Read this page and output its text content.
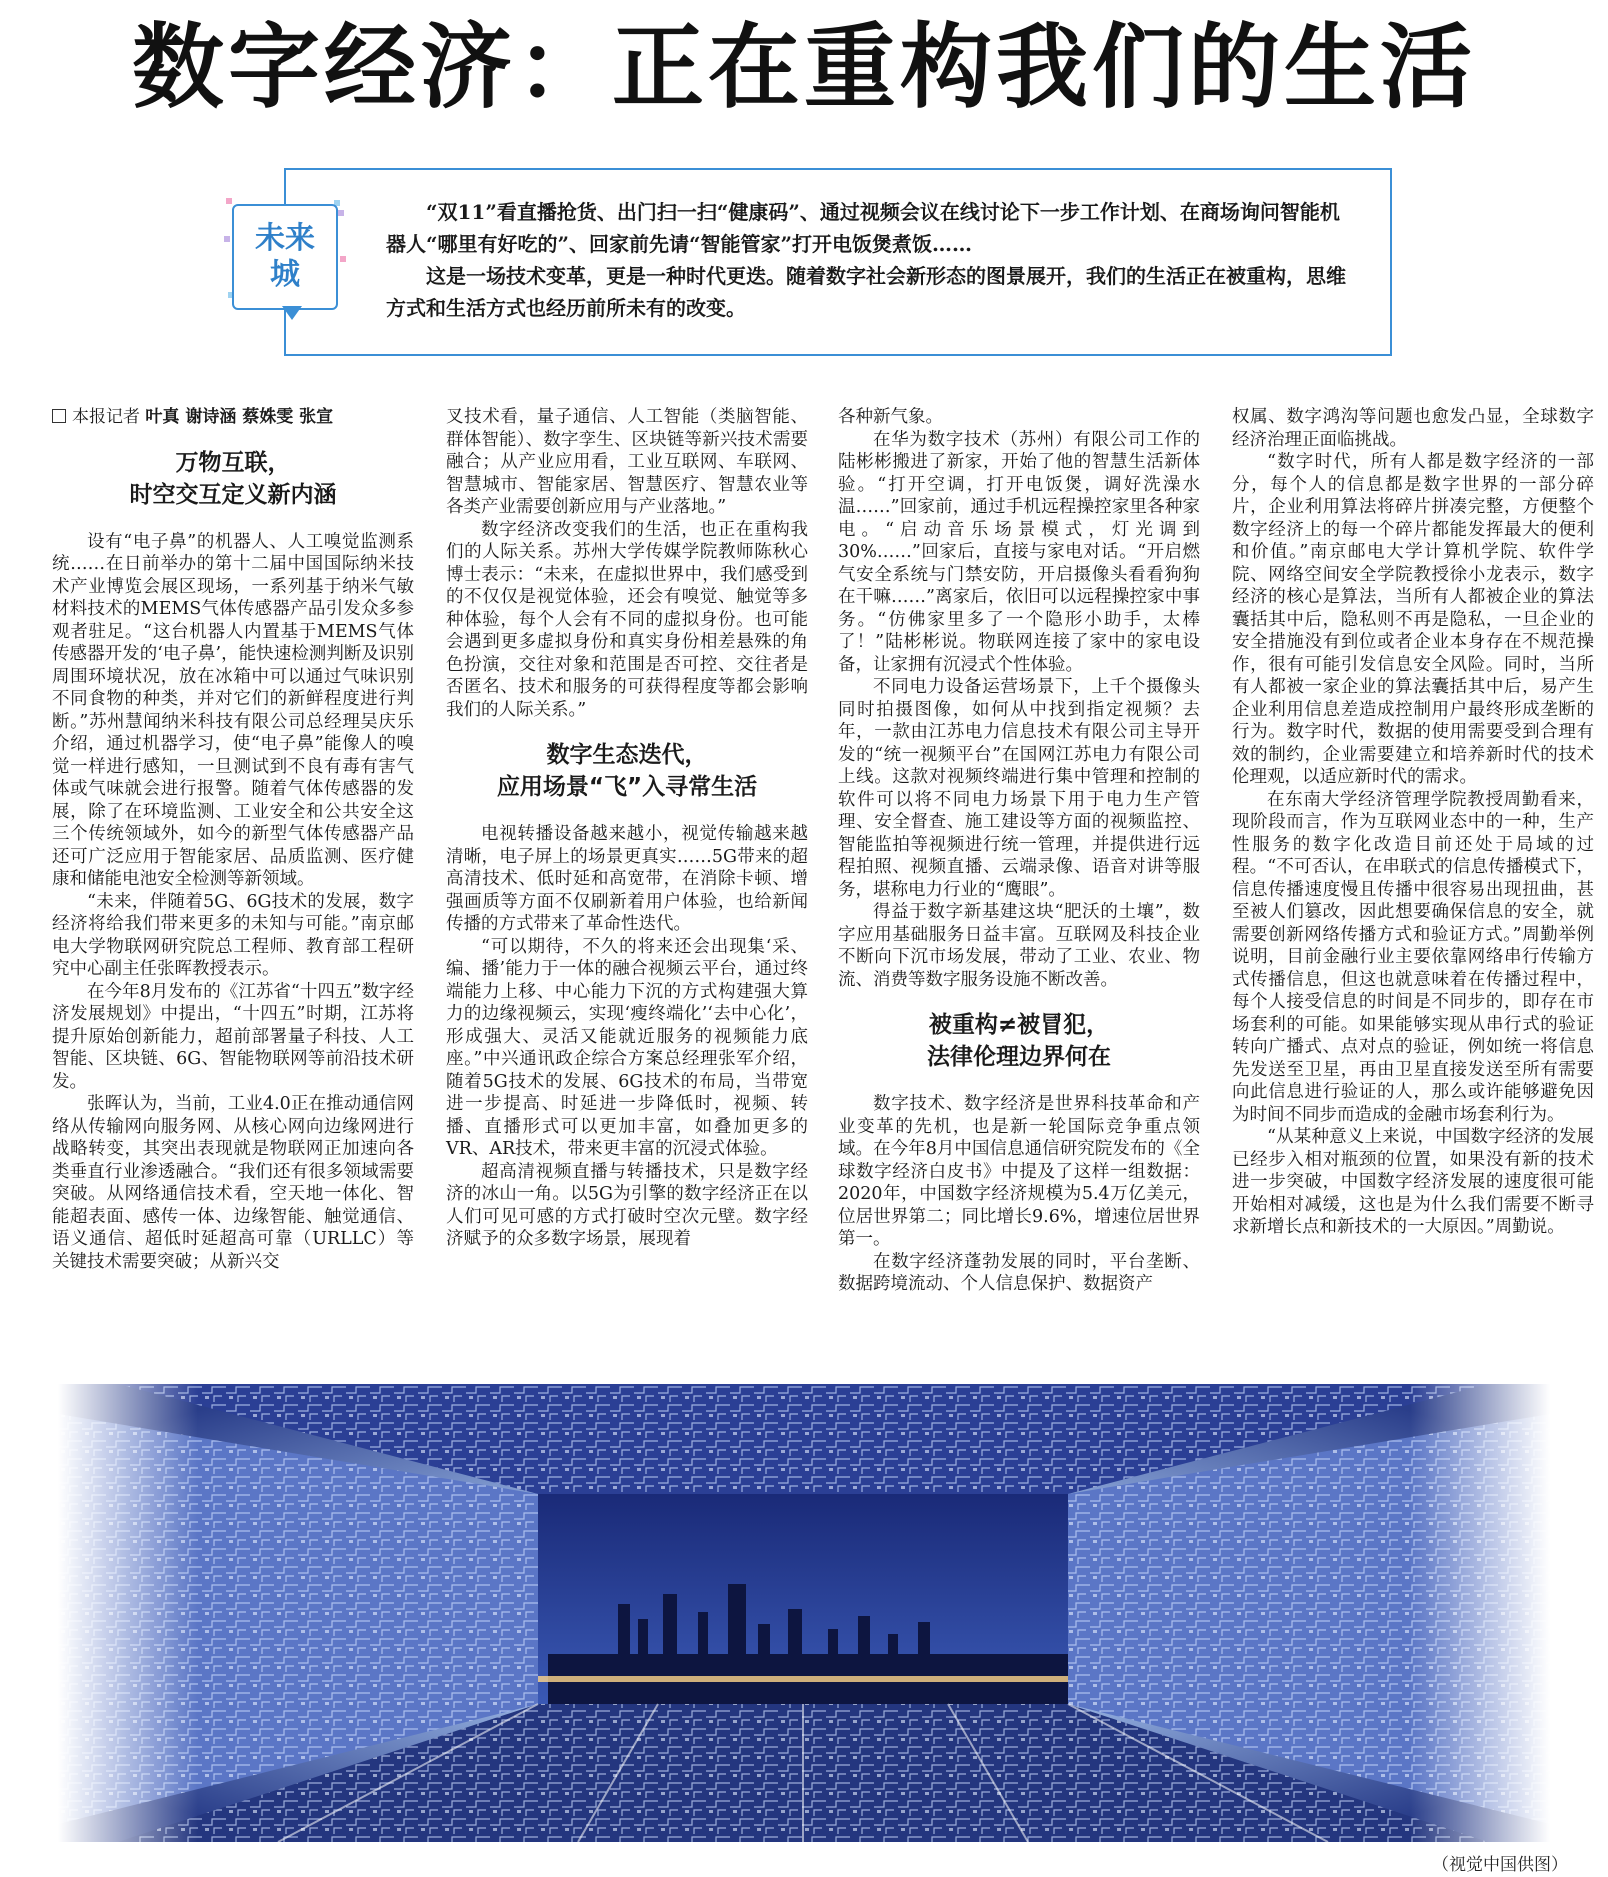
数字经济：正在重构我们的生活
未来
城

“双11”看直播抢货、出门扫一扫“健康码”、通过视频会议在线讨论下一步工作计划、在商场询问智能机器人“哪里有好吃的”、回家前先请“智能管家”打开电饭煲煮饭……

这是一场技术变革，更是一种时代更迭。随着数字社会新形态的图景展开，我们的生活正在被重构，思维方式和生活方式也经历前所未有的改变。

本报记者 叶真 谢诗涵 蔡姝雯 张宣

万物互联，
时空交互定义新内涵

设有“电子鼻”的机器人、人工嗅觉监测系统……在日前举办的第十二届中国国际纳米技术产业博览会展区现场，一系列基于纳米气敏材料技术的MEMS气体传感器产品引发众多参观者驻足。“这台机器人内置基于MEMS气体传感器开发的‘电子鼻’，能快速检测判断及识别周围环境状况，放在冰箱中可以通过气味识别不同食物的种类，并对它们的新鲜程度进行判断。”苏州慧闻纳米科技有限公司总经理吴庆乐介绍，通过机器学习，使“电子鼻”能像人的嗅觉一样进行感知，一旦测试到不良有毒有害气体或气味就会进行报警。随着气体传感器的发展，除了在环境监测、工业安全和公共安全这三个传统领域外，如今的新型气体传感器产品还可广泛应用于智能家居、品质监测、医疗健康和储能电池安全检测等新领域。

“未来，伴随着5G、6G技术的发展，数字经济将给我们带来更多的未知与可能。”南京邮电大学物联网研究院总工程师、教育部工程研究中心副主任张晖教授表示。

在今年8月发布的《江苏省“十四五”数字经济发展规划》中提出，“十四五”时期，江苏将提升原始创新能力，超前部署量子科技、人工智能、区块链、6G、智能物联网等前沿技术研发。

张晖认为，当前，工业4.0正在推动通信网络从传输网向服务网、从核心网向边缘网进行战略转变，其突出表现就是物联网正加速向各类垂直行业渗透融合。“我们还有很多领域需要突破。从网络通信技术看，空天地一体化、智能超表面、感传一体、边缘智能、触觉通信、语义通信、超低时延超高可靠（URLLC）等关键技术需要突破；从新兴交

叉技术看，量子通信、人工智能（类脑智能、群体智能）、数字孪生、区块链等新兴技术需要融合；从产业应用看，工业互联网、车联网、智慧城市、智能家居、智慧医疗、智慧农业等各类产业需要创新应用与产业落地。”

数字经济改变我们的生活，也正在重构我们的人际关系。苏州大学传媒学院教师陈秋心博士表示：“未来，在虚拟世界中，我们感受到的不仅仅是视觉体验，还会有嗅觉、触觉等多种体验，每个人会有不同的虚拟身份。也可能会遇到更多虚拟身份和真实身份相差悬殊的角色扮演，交往对象和范围是否可控、交往者是否匿名、技术和服务的可获得程度等都会影响我们的人际关系。”

数字生态迭代，
应用场景“飞”入寻常生活

电视转播设备越来越小，视觉传输越来越清晰，电子屏上的场景更真实……5G带来的超高清技术、低时延和高宽带，在消除卡顿、增强画质等方面不仅刷新着用户体验，也给新闻传播的方式带来了革命性迭代。

“可以期待，不久的将来还会出现集‘采、编、播’能力于一体的融合视频云平台，通过终端能力上移、中心能力下沉的方式构建强大算力的边缘视频云，实现‘瘦终端化’‘去中心化’，形成强大、灵活又能就近服务的视频能力底座。”中兴通讯政企综合方案总经理张军介绍，随着5G技术的发展、6G技术的布局，当带宽进一步提高、时延进一步降低时，视频、转播、直播形式可以更加丰富，如叠加更多的VR、AR技术，带来更丰富的沉浸式体验。

超高清视频直播与转播技术，只是数字经济的冰山一角。以5G为引擎的数字经济正在以人们可见可感的方式打破时空次元壁。数字经济赋予的众多数字场景，展现着

各种新气象。

在华为数字技术（苏州）有限公司工作的陆彬彬搬进了新家，开始了他的智慧生活新体验。“打开空调，打开电饭煲，调好洗澡水温……”回家前，通过手机远程操控家里各种家电。“启动音乐场景模式，灯光调到30%……”回家后，直接与家电对话。“开启燃气安全系统与门禁安防，开启摄像头看看狗狗在干嘛……”离家后，依旧可以远程操控家中事务。“仿佛家里多了一个隐形小助手，太棒了！”陆彬彬说。物联网连接了家中的家电设备，让家拥有沉浸式个性体验。

不同电力设备运营场景下，上千个摄像头同时拍摄图像，如何从中找到指定视频？去年，一款由江苏电力信息技术有限公司主导开发的“统一视频平台”在国网江苏电力有限公司上线。这款对视频终端进行集中管理和控制的软件可以将不同电力场景下用于电力生产管理、安全督查、施工建设等方面的视频监控、智能监拍等视频进行统一管理，并提供进行远程拍照、视频直播、云端录像、语音对讲等服务，堪称电力行业的“鹰眼”。

得益于数字新基建这块“肥沃的土壤”，数字应用基础服务日益丰富。互联网及科技企业不断向下沉市场发展，带动了工业、农业、物流、消费等数字服务设施不断改善。

被重构≠被冒犯，
法律伦理边界何在

数字技术、数字经济是世界科技革命和产业变革的先机，也是新一轮国际竞争重点领域。在今年8月中国信息通信研究院发布的《全球数字经济白皮书》中提及了这样一组数据：2020年，中国数字经济规模为5.4万亿美元，位居世界第二；同比增长9.6%，增速位居世界第一。

在数字经济蓬勃发展的同时，平台垄断、数据跨境流动、个人信息保护、数据资产

权属、数字鸿沟等问题也愈发凸显，全球数字经济治理正面临挑战。

“数字时代，所有人都是数字经济的一部分，每个人的信息都是数字世界的一部分碎片，企业利用算法将碎片拼凑完整，方便整个数字经济上的每一个碎片都能发挥最大的便利和价值。”南京邮电大学计算机学院、软件学院、网络空间安全学院教授徐小龙表示，数字经济的核心是算法，当所有人都被企业的算法囊括其中后，隐私则不再是隐私，一旦企业的安全措施没有到位或者企业本身存在不规范操作，很有可能引发信息安全风险。同时，当所有人都被一家企业的算法囊括其中后，易产生企业利用信息差造成控制用户最终形成垄断的行为。数字时代，数据的使用需要受到合理有效的制约，企业需要建立和培养新时代的技术伦理观，以适应新时代的需求。

在东南大学经济管理学院教授周勤看来，现阶段而言，作为互联网业态中的一种，生产性服务的数字化改造目前还处于局域的过程。“不可否认，在串联式的信息传播模式下，信息传播速度慢且传播中很容易出现扭曲，甚至被人们篡改，因此想要确保信息的安全，就需要创新网络传播方式和验证方式。”周勤举例说明，目前金融行业主要依靠网络串行传输方式传播信息，但这也就意味着在传播过程中，每个人接受信息的时间是不同步的，即存在市场套利的可能。如果能够实现从串行式的验证转向广播式、点对点的验证，例如统一将信息先发送至卫星，再由卫星直接发送至所有需要向此信息进行验证的人，那么或许能够避免因为时间不同步而造成的金融市场套利行为。

“从某种意义上来说，中国数字经济的发展已经步入相对瓶颈的位置，如果没有新的技术进一步突破，中国数字经济发展的速度很可能开始相对减缓，这也是为什么我们需要不断寻求新增长点和新技术的一大原因。”周勤说。

（视觉中国供图）
